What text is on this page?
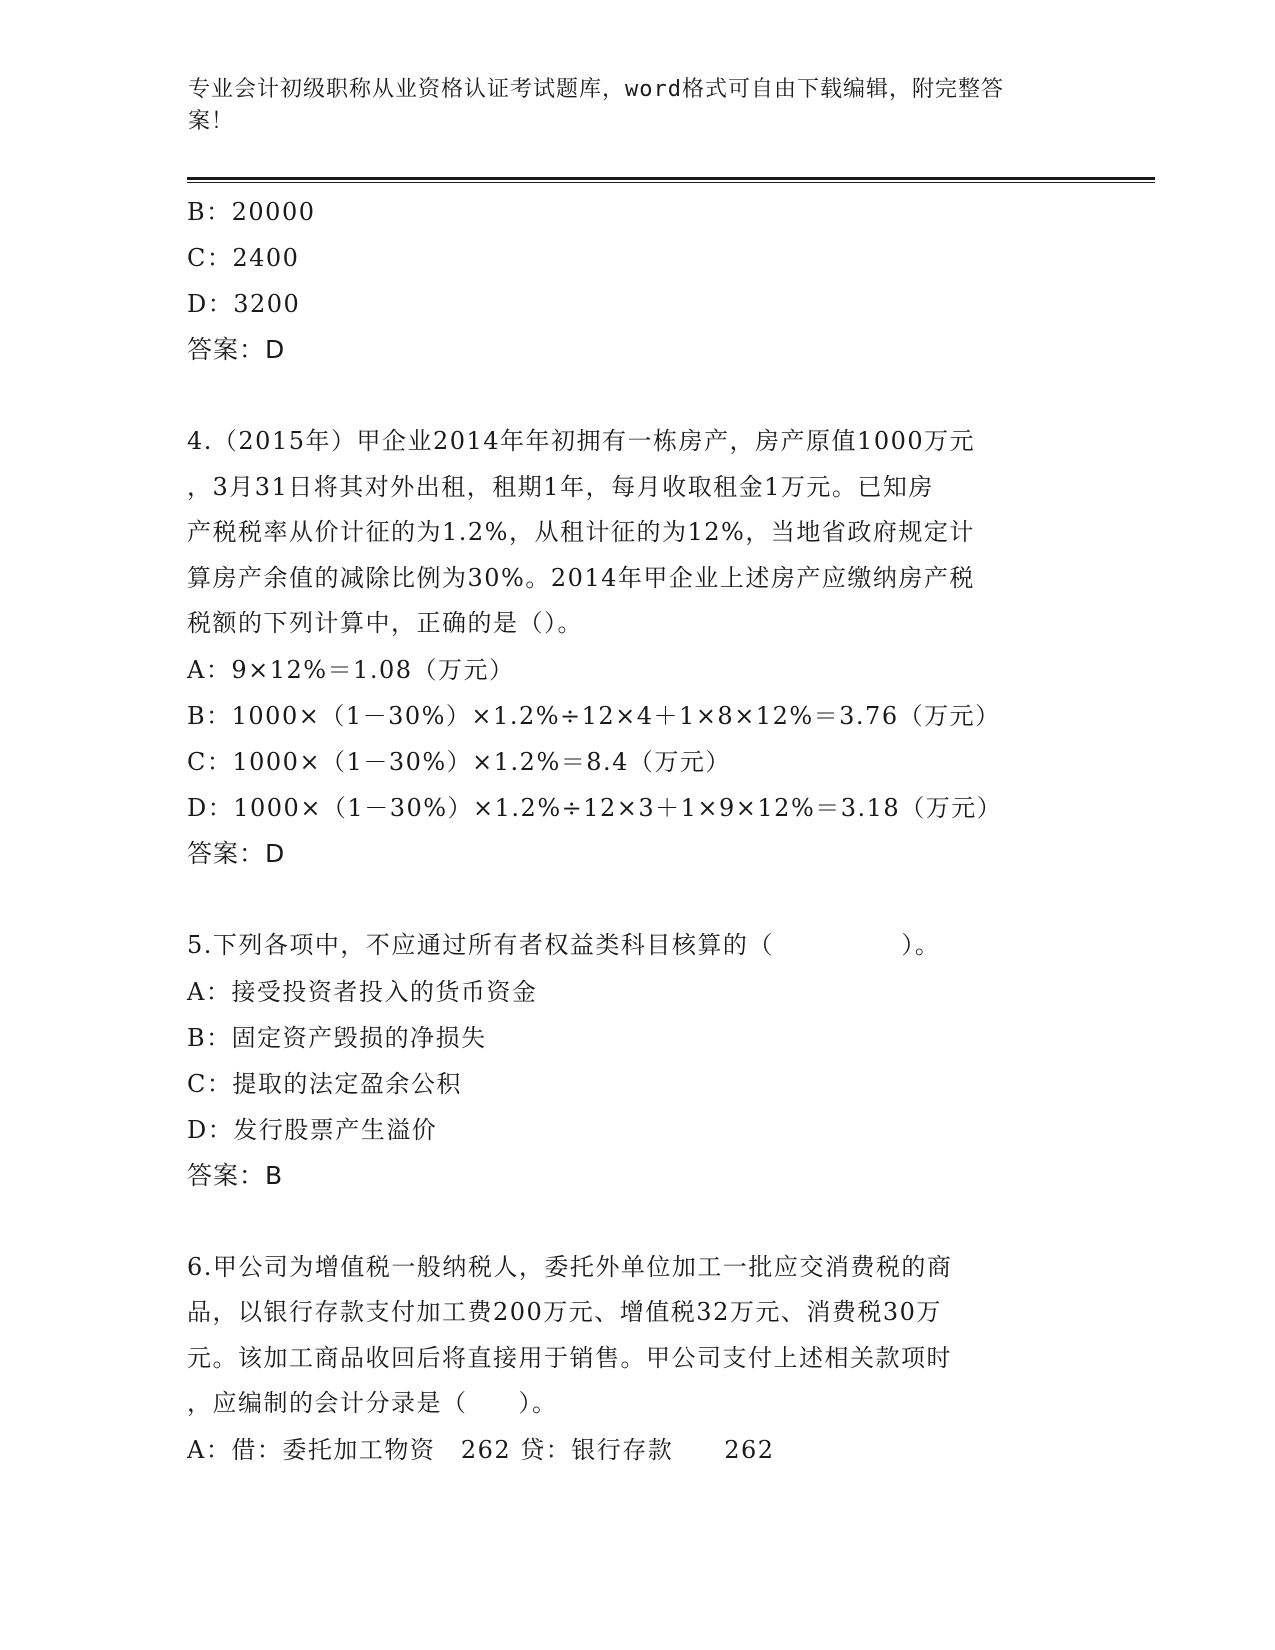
专业会计初级职称从业资格认证考试题库，word格式可自由下载编辑，附完整答
案！
B：20000
C：2400
D：3200
答案：D
4.（2015年）甲企业2014年年初拥有一栋房产，房产原值1000万元
，3月31日将其对外出租，租期1年，每月收取租金1万元。已知房
产税税率从价计征的为1.2%，从租计征的为12%，当地省政府规定计
算房产余值的减除比例为30%。2014年甲企业上述房产应缴纳房产税
税额的下列计算中，正确的是（）。
A：9×12%＝1.08（万元）
B：1000×（1－30%）×1.2%÷12×4＋1×8×12%＝3.76（万元）
C：1000×（1－30%）×1.2%＝8.4（万元）
D：1000×（1－30%）×1.2%÷12×3＋1×9×12%＝3.18（万元）
答案：D
5.下列各项中，不应通过所有者权益类科目核算的（　　　　　）。
A：接受投资者投入的货币资金
B：固定资产毁损的净损失
C：提取的法定盈余公积
D：发行股票产生溢价
答案：B
6.甲公司为增值税一般纳税人，委托外单位加工一批应交消费税的商
品，以银行存款支付加工费200万元、增值税32万元、消费税30万
元。该加工商品收回后将直接用于销售。甲公司支付上述相关款项时
，应编制的会计分录是（　　）。
A：借：委托加工物资　262 贷：银行存款　　262
